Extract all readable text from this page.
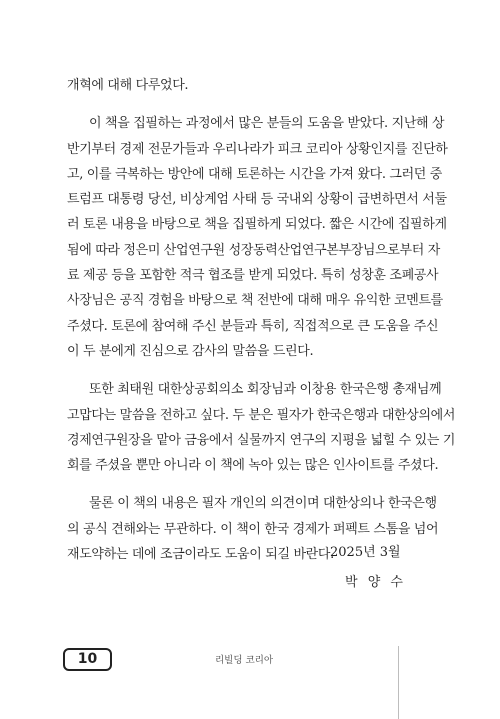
개혁에 대해 다루었다.
이 책을 집필하는 과정에서 많은 분들의 도움을 받았다. 지난해 상
반기부터 경제 전문가들과 우리나라가 피크 코리아 상황인지를 진단하
고, 이를 극복하는 방안에 대해 토론하는 시간을 가져 왔다. 그러던 중
트럼프 대통령 당선, 비상계엄 사태 등 국내외 상황이 급변하면서 서둘
러 토론 내용을 바탕으로 책을 집필하게 되었다. 짧은 시간에 집필하게
됨에 따라 정은미 산업연구원 성장동력산업연구본부장님으로부터 자
료 제공 등을 포함한 적극 협조를 받게 되었다. 특히 성창훈 조폐공사
사장님은 공직 경험을 바탕으로 책 전반에 대해 매우 유익한 코멘트를
주셨다. 토론에 참여해 주신 분들과 특히, 직접적으로 큰 도움을 주신
이 두 분에게 진심으로 감사의 말씀을 드린다.
또한 최태원 대한상공회의소 회장님과 이창용 한국은행 총재님께
고맙다는 말씀을 전하고 싶다. 두 분은 필자가 한국은행과 대한상의에서
경제연구원장을 맡아 금융에서 실물까지 연구의 지평을 넓힐 수 있는 기
회를 주셨을 뿐만 아니라 이 책에 녹아 있는 많은 인사이트를 주셨다.
물론 이 책의 내용은 필자 개인의 의견이며 대한상의나 한국은행
의 공식 견해와는 무관하다. 이 책이 한국 경제가 퍼펙트 스톰을 넘어
재도약하는 데에 조금이라도 도움이 되길 바란다.
2025년 3월
박 양 수
10	리빌딩 코리아
